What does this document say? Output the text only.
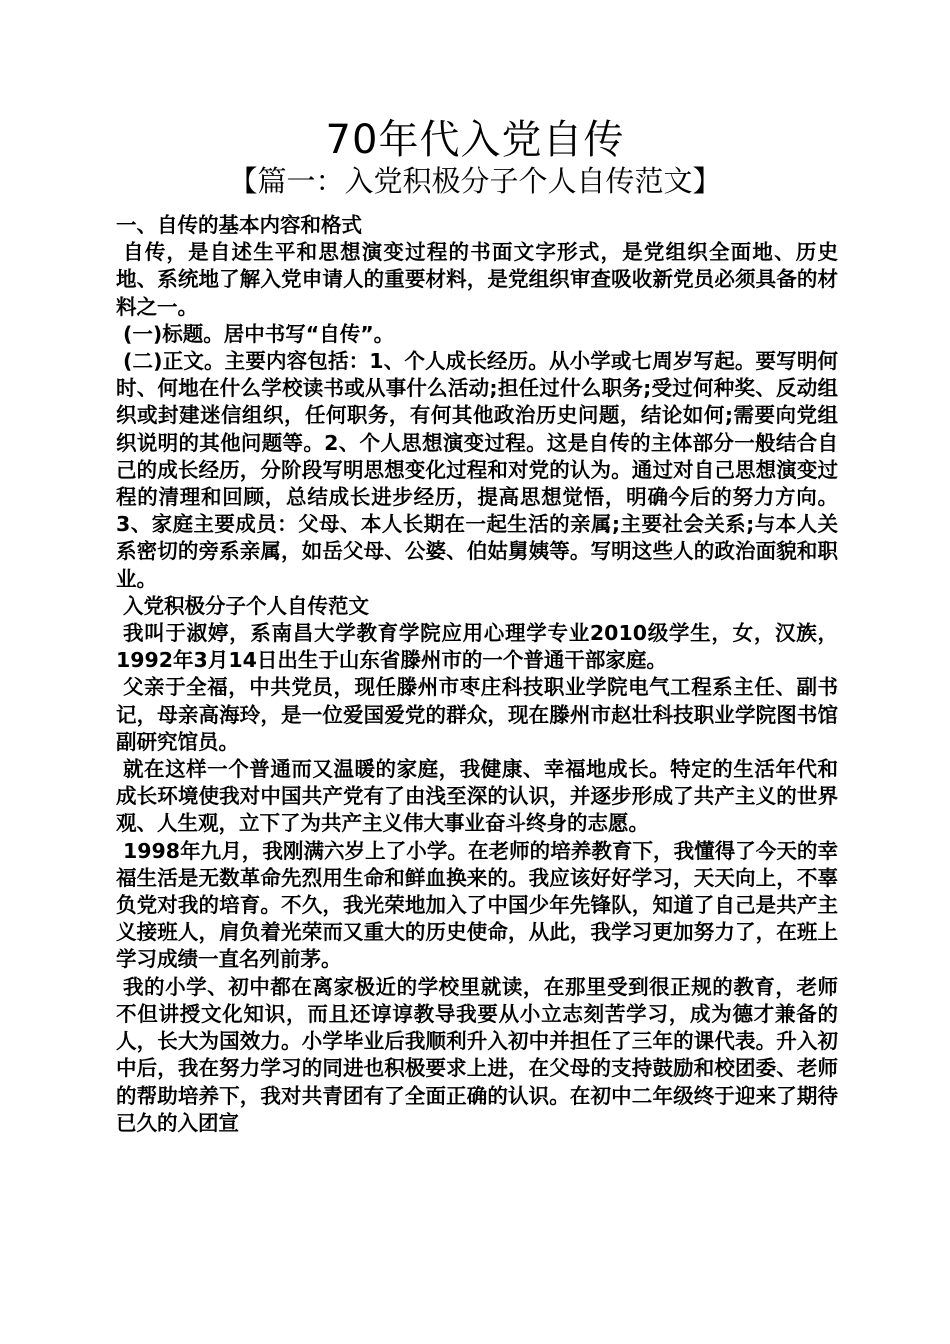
70年代入党自传
【篇一：入党积极分子个人自传范文】

一、自传的基本内容和格式

自传，是自述生平和思想演变过程的书面文字形式，是党组织全面地、历史地、系统地了解入党申请人的重要材料，是党组织审查吸收新党员必须具备的材料之一。

(一)标题。居中书写“自传”。

(二)正文。主要内容包括：1、个人成长经历。从小学或七周岁写起。要写明何时、何地在什么学校读书或从事什么活动;担任过什么职务;受过何种奖、反动组织或封建迷信组织，任何职务，有何其他政治历史问题，结论如何;需要向党组织说明的其他问题等。2、个人思想演变过程。这是自传的主体部分一般结合自己的成长经历，分阶段写明思想变化过程和对党的认为。通过对自己思想演变过程的清理和回顾，总结成长进步经历，提高思想觉悟，明确今后的努力方向。3、家庭主要成员：父母、本人长期在一起生活的亲属;主要社会关系;与本人关系密切的旁系亲属，如岳父母、公婆、伯姑舅姨等。写明这些人的政治面貌和职业。

入党积极分子个人自传范文

我叫于淑婷，系南昌大学教育学院应用心理学专业2010级学生，女，汉族，1992年3月14日出生于山东省滕州市的一个普通干部家庭。

父亲于全福，中共党员，现任滕州市枣庄科技职业学院电气工程系主任、副书记，母亲高海玲，是一位爱国爱党的群众，现在滕州市赵壮科技职业学院图书馆副研究馆员。

就在这样一个普通而又温暖的家庭，我健康、幸福地成长。特定的生活年代和成长环境使我对中国共产党有了由浅至深的认识，并逐步形成了共产主义的世界观、人生观，立下了为共产主义伟大事业奋斗终身的志愿。

1998年九月，我刚满六岁上了小学。在老师的培养教育下，我懂得了今天的幸福生活是无数革命先烈用生命和鲜血换来的。我应该好好学习，天天向上，不辜负党对我的培育。不久，我光荣地加入了中国少年先锋队，知道了自己是共产主义接班人，肩负着光荣而又重大的历史使命，从此，我学习更加努力了，在班上学习成绩一直名列前茅。

我的小学、初中都在离家极近的学校里就读，在那里受到很正规的教育，老师不但讲授文化知识，而且还谆谆教导我要从小立志刻苦学习，成为德才兼备的人，长大为国效力。小学毕业后我顺利升入初中并担任了三年的课代表。升入初中后，我在努力学习的同进也积极要求上进，在父母的支持鼓励和校团委、老师的帮助培养下，我对共青团有了全面正确的认识。在初中二年级终于迎来了期待已久的入团宣
